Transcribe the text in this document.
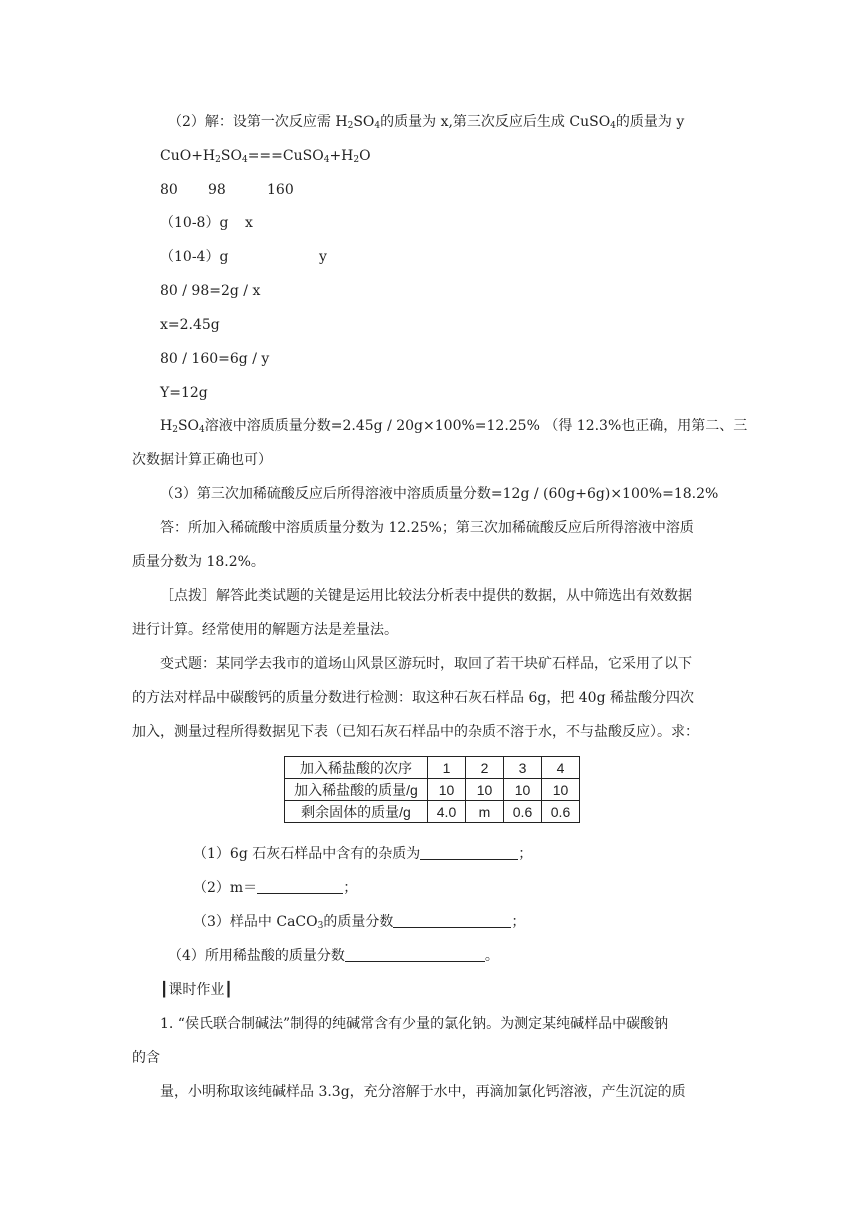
（2）解：设第一次反应需 $H_2SO_4$的质量为 x,第三次反应后生成 CuSO$_4$的质量为 y
$CuO+H_2SO_4===CuSO_4+H_2O$
80 98	160
（10-8）g x
（10-4）g	y
80 / 98=2g / x
x=2.45g
80 / 160=6g / y
Y=12g
$H_2SO_4$溶液中溶质质量分数=2.45g / 20g×100%=12.25% （得 12.3%也正确，用第二、三
次数据计算正确也可）
（3）第三次加稀硫酸反应后所得溶液中溶质质量分数=12g / (60g+6g)×100%=18.2%
答：所加入稀硫酸中溶质质量分数为 12.25%；第三次加稀硫酸反应后所得溶液中溶质
质量分数为 18.2%。
［点拨］解答此类试题的关键是运用比较法分析表中提供的数据，从中筛选出有效数据
进行计算。经常使用的解题方法是差量法。
变式题：某同学去我市的道场山风景区游玩时，取回了若干块矿石样品，它采用了以下
的方法对样品中碳酸钙的质量分数进行检测：取这种石灰石样品 6g，把 40g 稀盐酸分四次
加入，测量过程所得数据见下表（已知石灰石样品中的杂质不溶于水，不与盐酸反应）。求：
加入稀盐酸的次序	1	2	3	4
加入稀盐酸的质量/g	10	10	10	10
剩余固体的质量/g	4.0	m	0.6	0.6
（1）6g 石灰石样品中含有的杂质为	；
（2）m＝	；
（3）样品中 CaCO$_3$的质量分数	；
（4）所用稀盐酸的质量分数	。
┃课时作业┃
1. “侯氏联合制碱法”制得的纯碱常含有少量的氯化钠。为测定某纯碱样品中碳酸钠
的含
量，小明称取该纯碱样品 3.3g，充分溶解于水中，再滴加氯化钙溶液，产生沉淀的质
